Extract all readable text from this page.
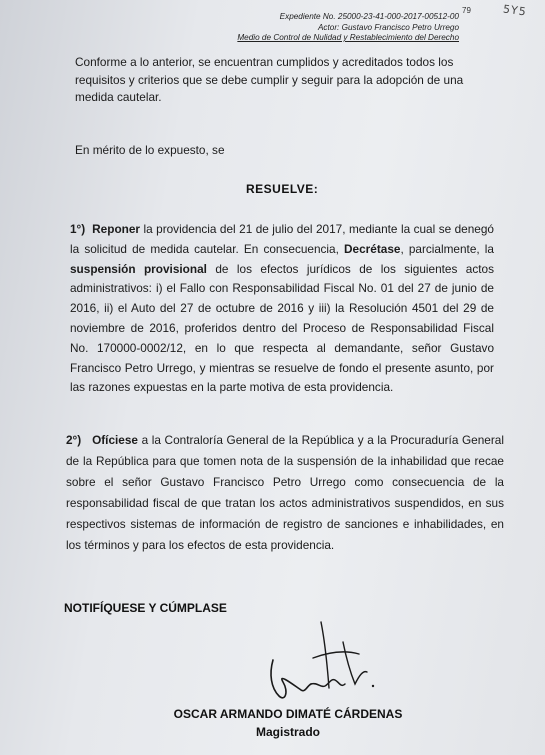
79	5Y5
Expediente No. 25000-23-41-000-2017-00512-00
Actor: Gustavo Francisco Petro Urrego
Medio de Control de Nulidad y Restablecimiento del Derecho

Conforme a lo anterior, se encuentran cumplidos y acreditados todos los requisitos y criterios que se debe cumplir y seguir para la adopción de una medida cautelar.

En mérito de lo expuesto, se

RESUELVE:

1°) Reponer la providencia del 21 de julio del 2017, mediante la cual se denegó la solicitud de medida cautelar. En consecuencia, Decrétase, parcialmente, la suspensión provisional de los efectos jurídicos de los siguientes actos administrativos: i) el Fallo con Responsabilidad Fiscal No. 01 del 27 de junio de 2016, ii) el Auto del 27 de octubre de 2016 y iii) la Resolución 4501 del 29 de noviembre de 2016, proferidos dentro del Proceso de Responsabilidad Fiscal No. 170000-0002/12, en lo que respecta al demandante, señor Gustavo Francisco Petro Urrego, y mientras se resuelve de fondo el presente asunto, por las razones expuestas en la parte motiva de esta providencia.

2°) Ofíciese a la Contraloría General de la República y a la Procuraduría General de la República para que tomen nota de la suspensión de la inhabilidad que recae sobre el señor Gustavo Francisco Petro Urrego como consecuencia de la responsabilidad fiscal de que tratan los actos administrativos suspendidos, en sus respectivos sistemas de información de registro de sanciones e inhabilidades, en los términos y para los efectos de esta providencia.

NOTIFÍQUESE Y CÚMPLASE
OSCAR ARMANDO DIMATÉ CÁRDENAS
Magistrado
